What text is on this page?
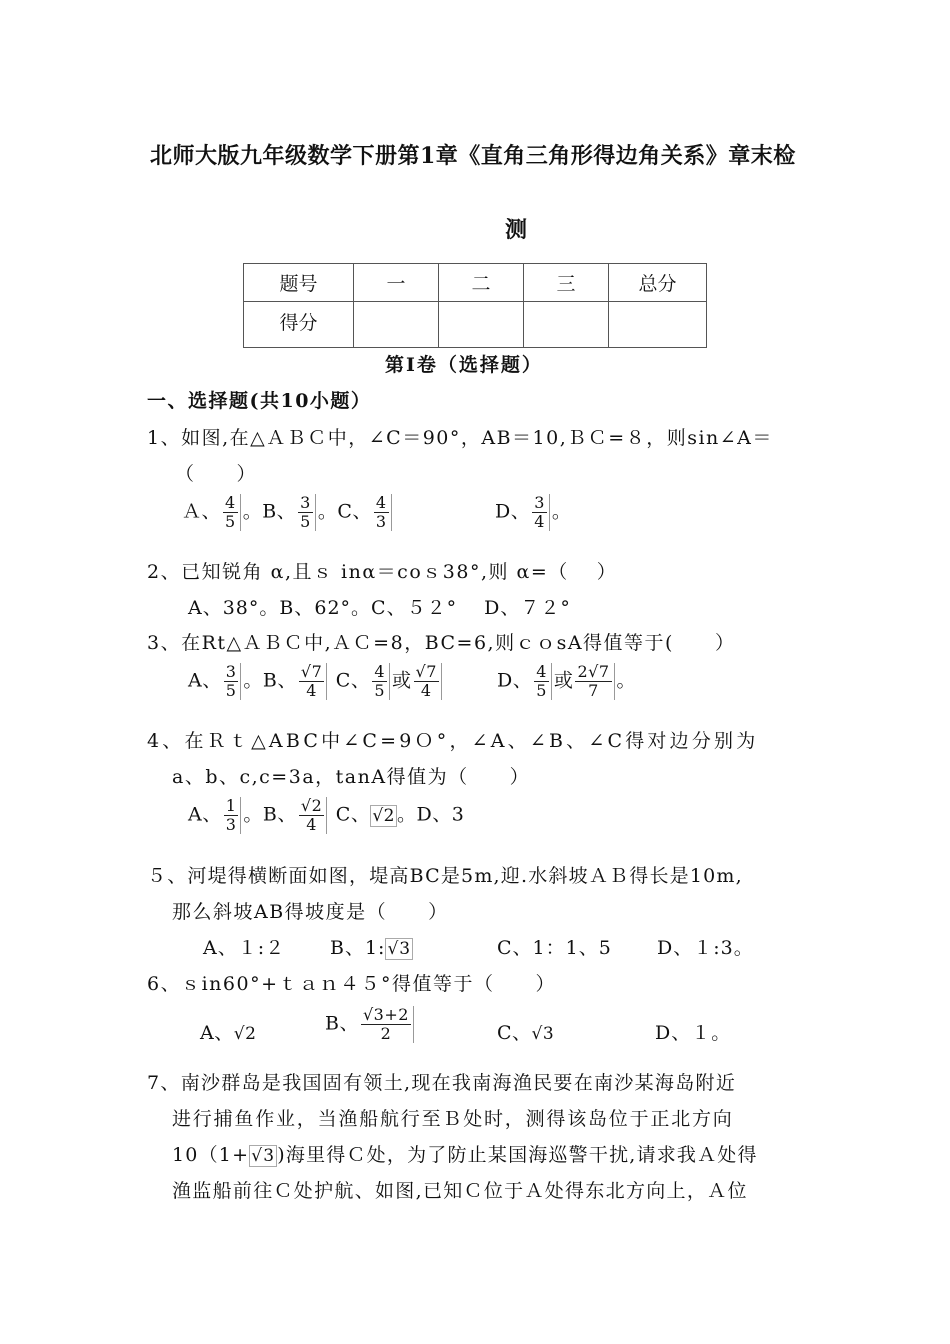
北师大版九年级数学下册第1章《直角三角形得边角关系》章末检
测
题号	一	二	三	总分
得分				
第Ⅰ卷（选择题）
一、选择题(共10小题）
1、如图,在△ＡＢＣ中，∠C＝90°，AB＝10,ＢＣ=８，则sin∠A＝
（　　）
Ａ、 $\frac{4}{5}$ 。B、 $\frac{3}{5}$ 。C、 $\frac{4}{3}$	D、 $\frac{3}{4}$ 。
2、已知锐角 α,且ｓ inα＝coｓ38°,则 α=（　 ）
A、38°。B、62°。C、５２°　 D、７２°
3、在Rt△ＡＢＣ中,ＡＣ=8，BC=6,则ｃｏsA得值等于(　　）
A、 $\frac{3}{5}$ 。B、 $\frac{√7}{4}$ C、 $\frac{4}{5}$ 或 $\frac{√7}{4}$	D、 $\frac{4}{5}$ 或 $\frac{2√7}{7}$ 。
4、在Ｒｔ△ABC中∠C=9Ｏ°，∠A、∠B、∠C得对边分别为
a、b、c,c=3a，tanA得值为（　　）
A、 $\frac{1}{3}$ 。B、 $\frac{√2}{4}$ C、 √2 。D、3
５、河堤得横断面如图，堤高BC是5m,迎.水斜坡ＡＢ得长是10m,
那么斜坡AB得坡度是（　　）
A、１:２ B、1: √3	C、1：1、5 D、１:3。
6、ｓin60°+ｔａｎ４５°得值等于（　　）
A、√2	B、 $\frac{√3+2}{2}$	C、√3	D、１。
7、南沙群岛是我国固有领土,现在我南海渔民要在南沙某海岛附近
进行捕鱼作业，当渔船航行至Ｂ处时，测得该岛位于正北方向
10（1+ √3 )海里得Ｃ处，为了防止某国海巡警干扰,请求我Ａ处得
渔监船前往Ｃ处护航、如图,已知Ｃ位于Ａ处得东北方向上，Ａ位
